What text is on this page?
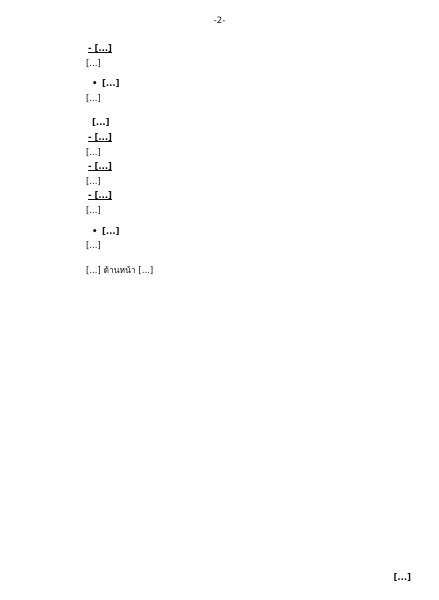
-2-
- [...]

[...]

• [...]

[...]

[...]
- [...]

[...]

- [...]

[...]

- [...]

[...]

• [...]

[...]

[...] ด้านหน้า [...]

[...]
